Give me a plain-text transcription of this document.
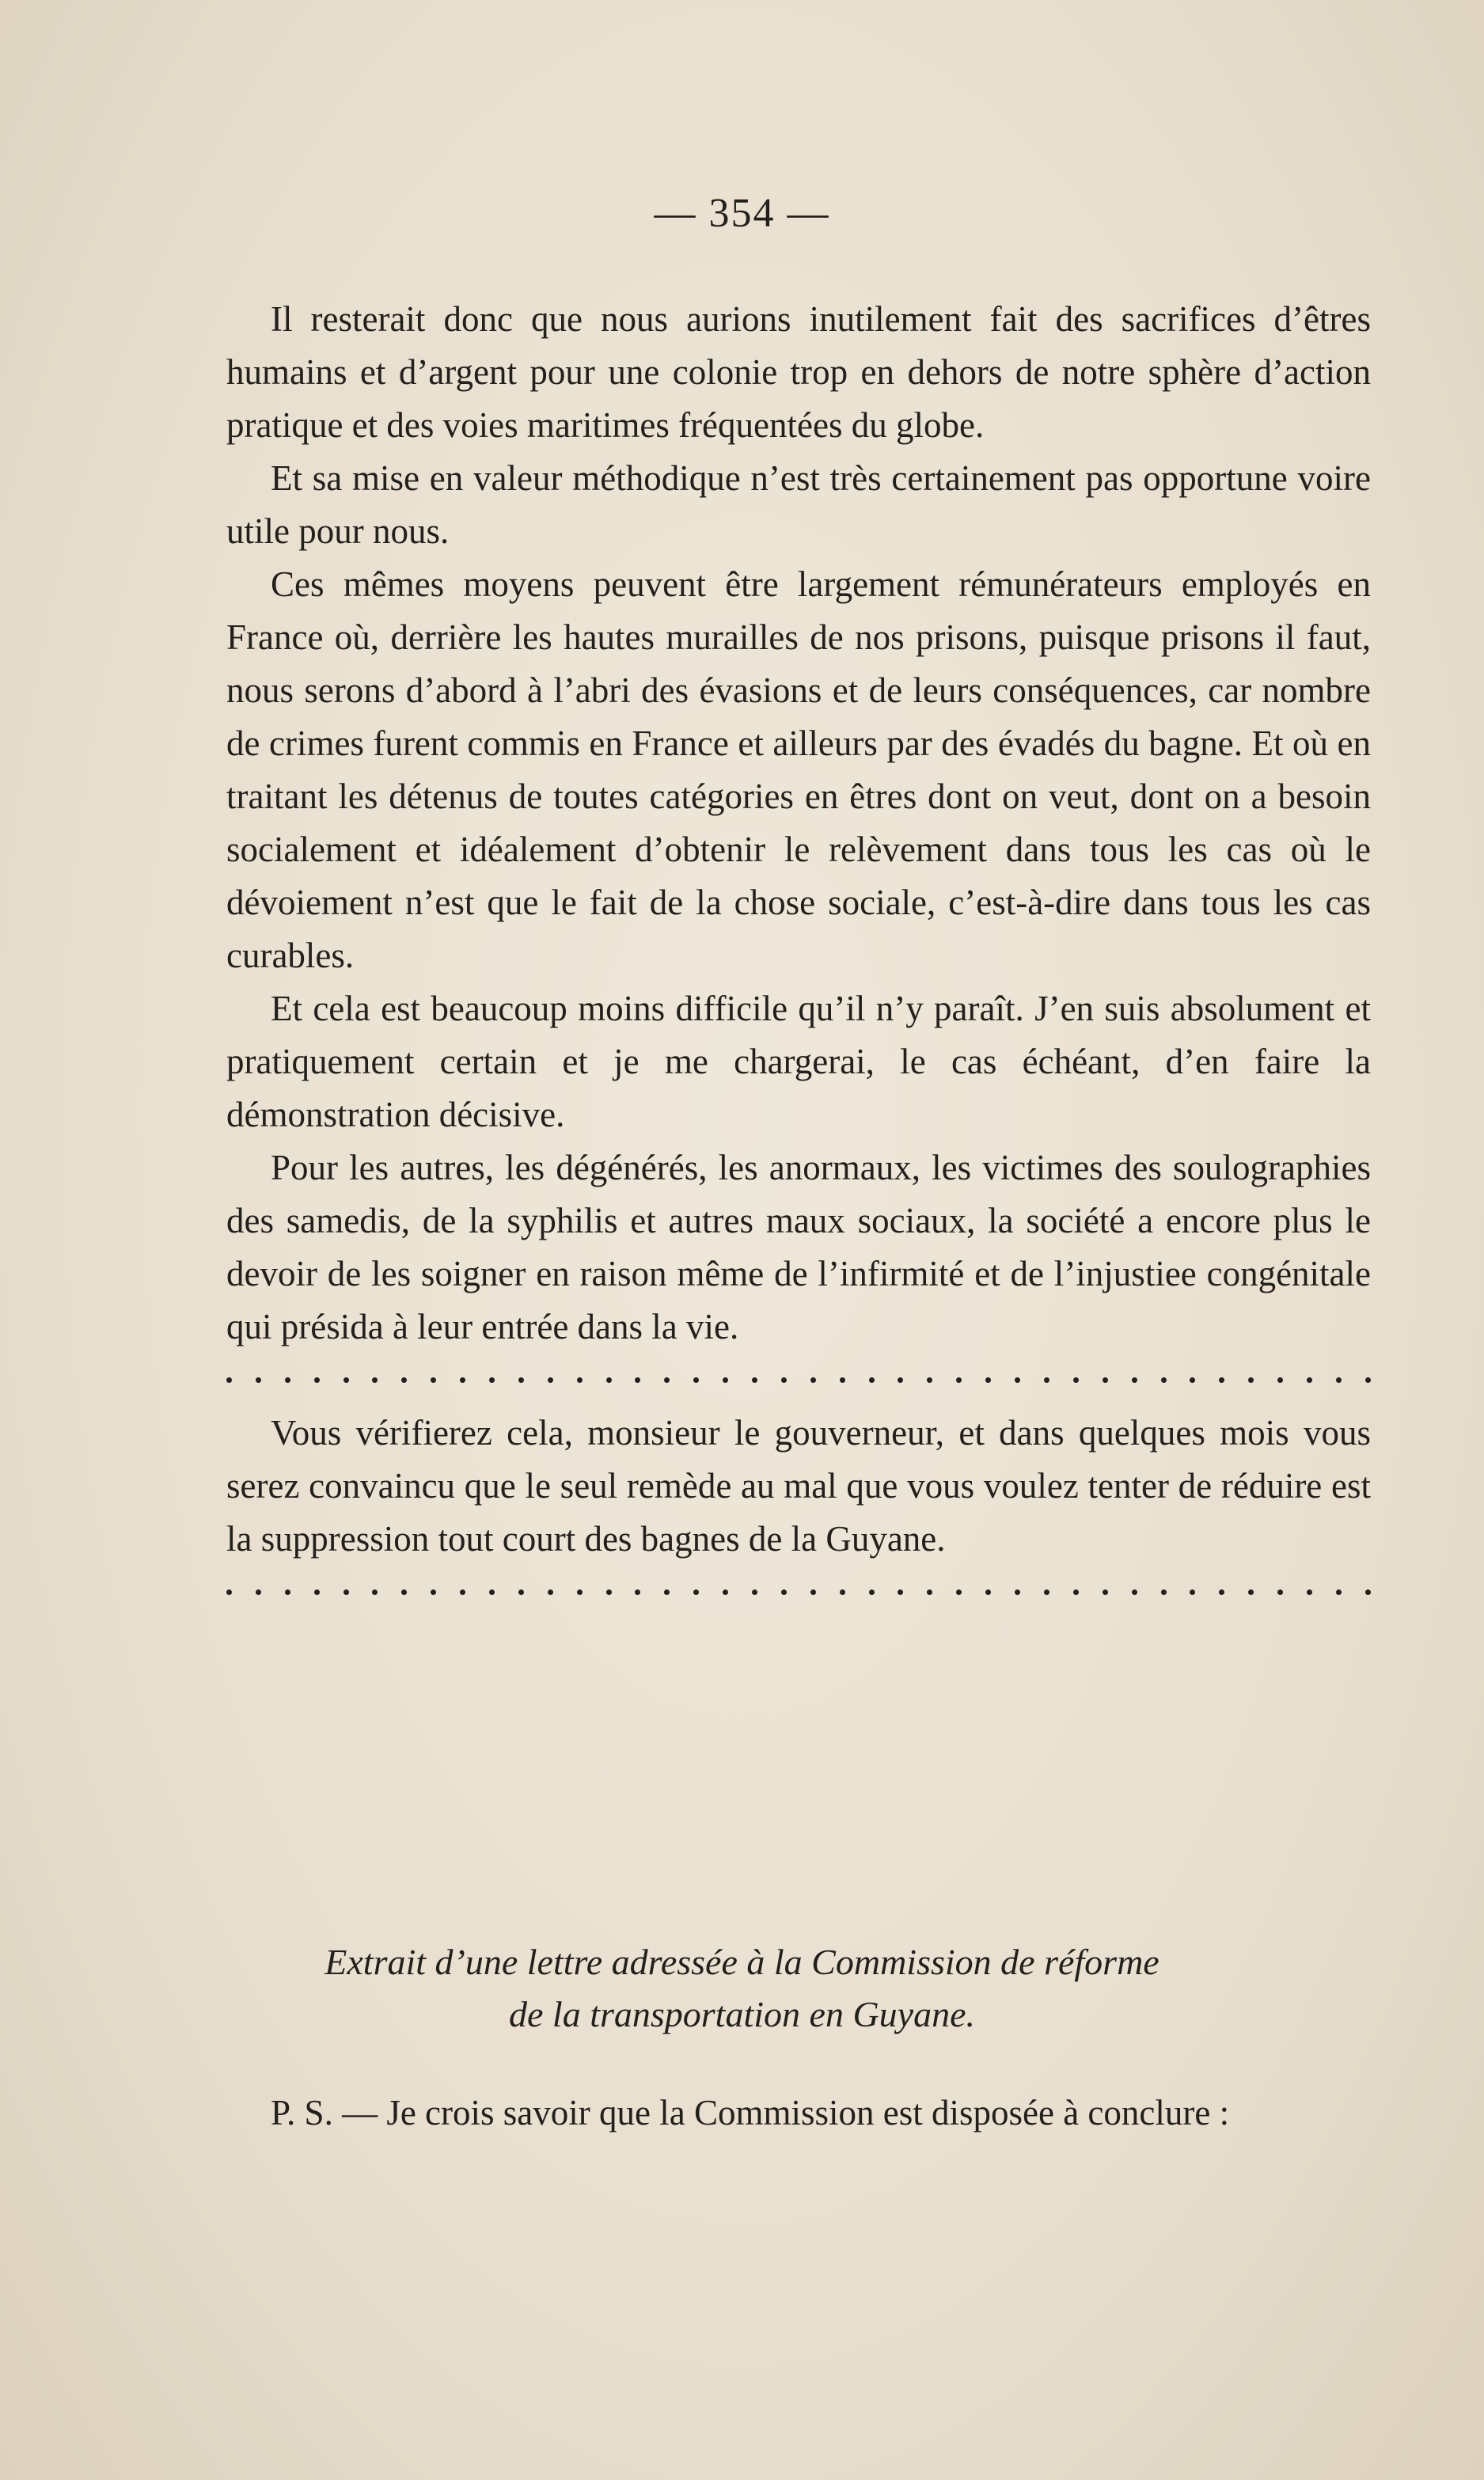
— 354 —

Il resterait donc que nous aurions inutilement fait des sacrifices d’êtres humains et d’argent pour une colonie trop en dehors de notre sphère d’action pratique et des voies maritimes fréquentées du globe.

Et sa mise en valeur méthodique n’est très certainement pas opportune voire utile pour nous.

Ces mêmes moyens peuvent être largement rémunérateurs employés en France où, derrière les hautes murailles de nos prisons, puisque prisons il faut, nous serons d’abord à l’abri des évasions et de leurs conséquences, car nombre de crimes furent commis en France et ailleurs par des évadés du bagne. Et où en traitant les détenus de toutes catégories en êtres dont on veut, dont on a besoin socialement et idéalement d’obtenir le relèvement dans tous les cas où le dévoiement n’est que le fait de la chose sociale, c’est-à-dire dans tous les cas curables.

Et cela est beaucoup moins difficile qu’il n’y paraît. J’en suis absolument et pratiquement certain et je me chargerai, le cas échéant, d’en faire la démonstration décisive.

Pour les autres, les dégénérés, les anormaux, les victimes des soulographies des samedis, de la syphilis et autres maux sociaux, la société a encore plus le devoir de les soigner en raison même de l’infirmité et de l’injustiee congénitale qui présida à leur entrée dans la vie.

Vous vérifierez cela, monsieur le gouverneur, et dans quelques mois vous serez convaincu que le seul remède au mal que vous voulez tenter de réduire est la suppression tout court des bagnes de la Guyane.

Extrait d’une lettre adressée à la Commission de réforme
de la transportation en Guyane.

P. S. — Je crois savoir que la Commission est disposée à conclure :
